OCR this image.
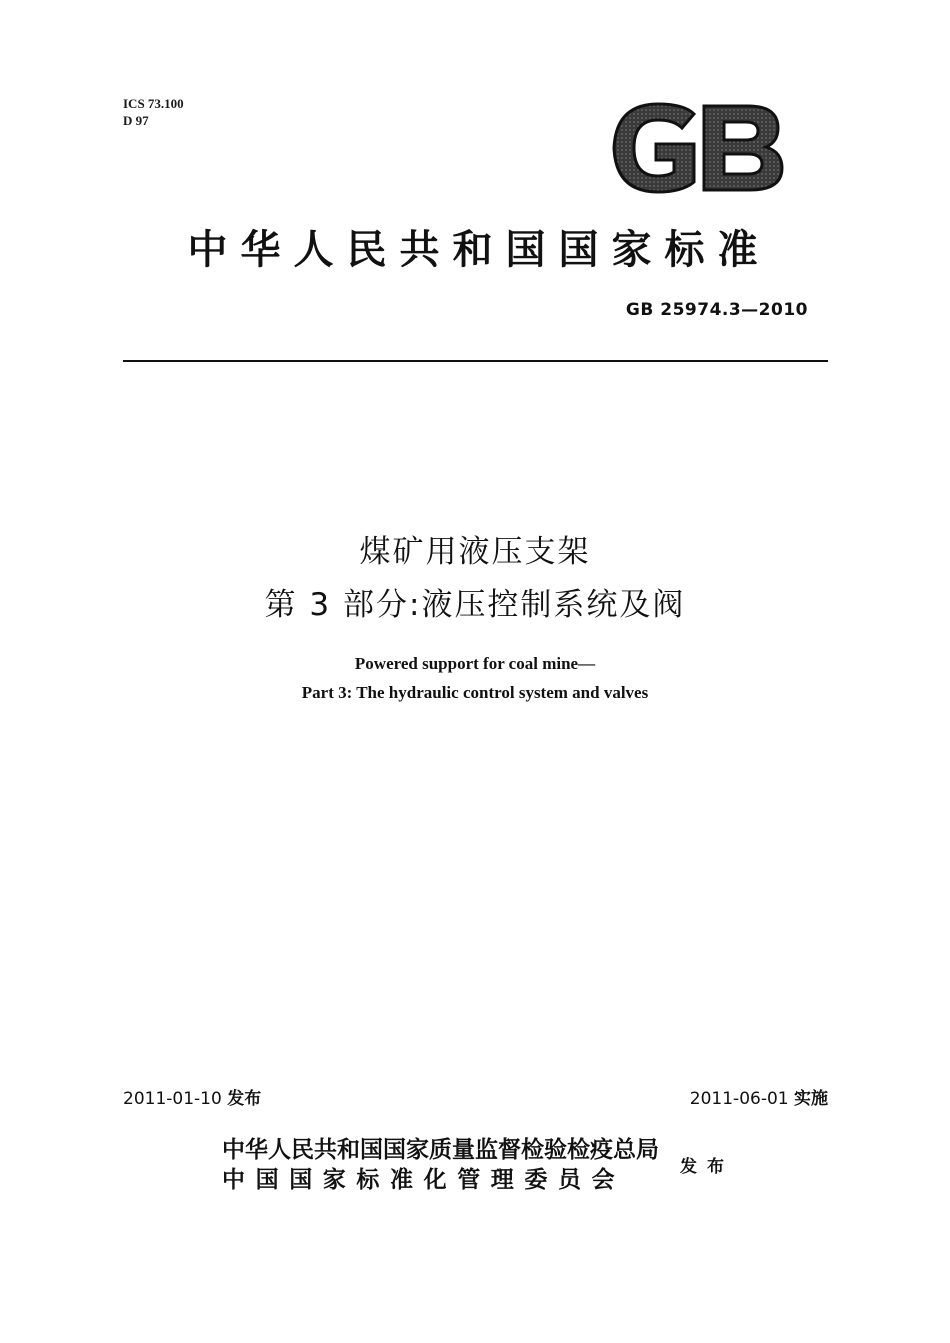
ICS 73.100
D 97
中华人民共和国国家标准
GB 25974.3—2010
煤矿用液压支架
第 3 部分:液压控制系统及阀
Powered support for coal mine—
Part 3: The hydraulic control system and valves
2011-01-10 发布	2011-06-01 实施
中华人民共和国国家质量监督检验检疫总局
中国国家标准化管理委员会	发布
